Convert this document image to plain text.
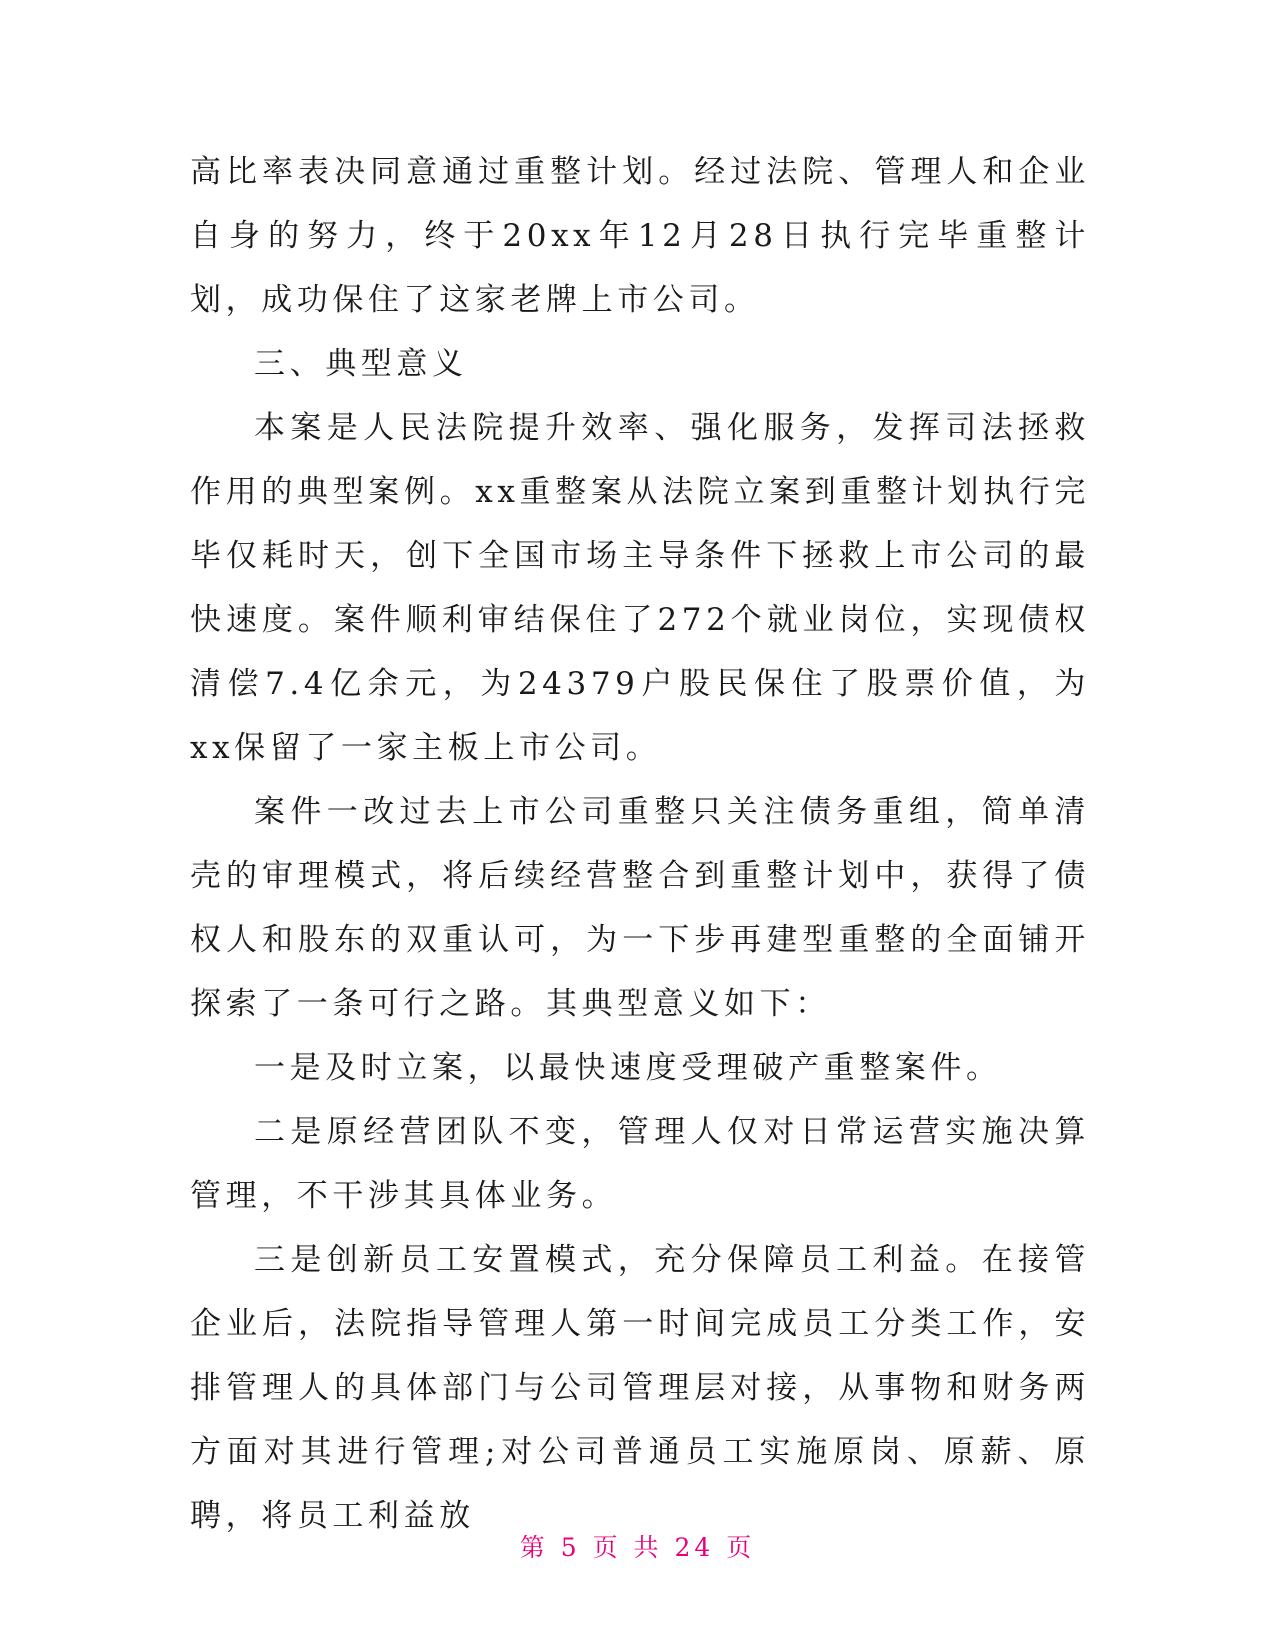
高比率表决同意通过重整计划。经过法院、管理人和企业自身的努力，终于20xx年12月28日执行完毕重整计划，成功保住了这家老牌上市公司。

三、典型意义

本案是人民法院提升效率、强化服务，发挥司法拯救作用的典型案例。xx重整案从法院立案到重整计划执行完毕仅耗时天，创下全国市场主导条件下拯救上市公司的最快速度。案件顺利审结保住了272个就业岗位，实现债权清偿7.4亿余元，为24379户股民保住了股票价值，为xx保留了一家主板上市公司。

案件一改过去上市公司重整只关注债务重组，简单清壳的审理模式，将后续经营整合到重整计划中，获得了债权人和股东的双重认可，为一下步再建型重整的全面铺开探索了一条可行之路。其典型意义如下：

一是及时立案，以最快速度受理破产重整案件。

二是原经营团队不变，管理人仅对日常运营实施决算管理，不干涉其具体业务。

三是创新员工安置模式，充分保障员工利益。在接管企业后，法院指导管理人第一时间完成员工分类工作，安排管理人的具体部门与公司管理层对接，从事物和财务两方面对其进行管理;对公司普通员工实施原岗、原薪、原聘，将员工利益放

第 5 页 共 24 页
